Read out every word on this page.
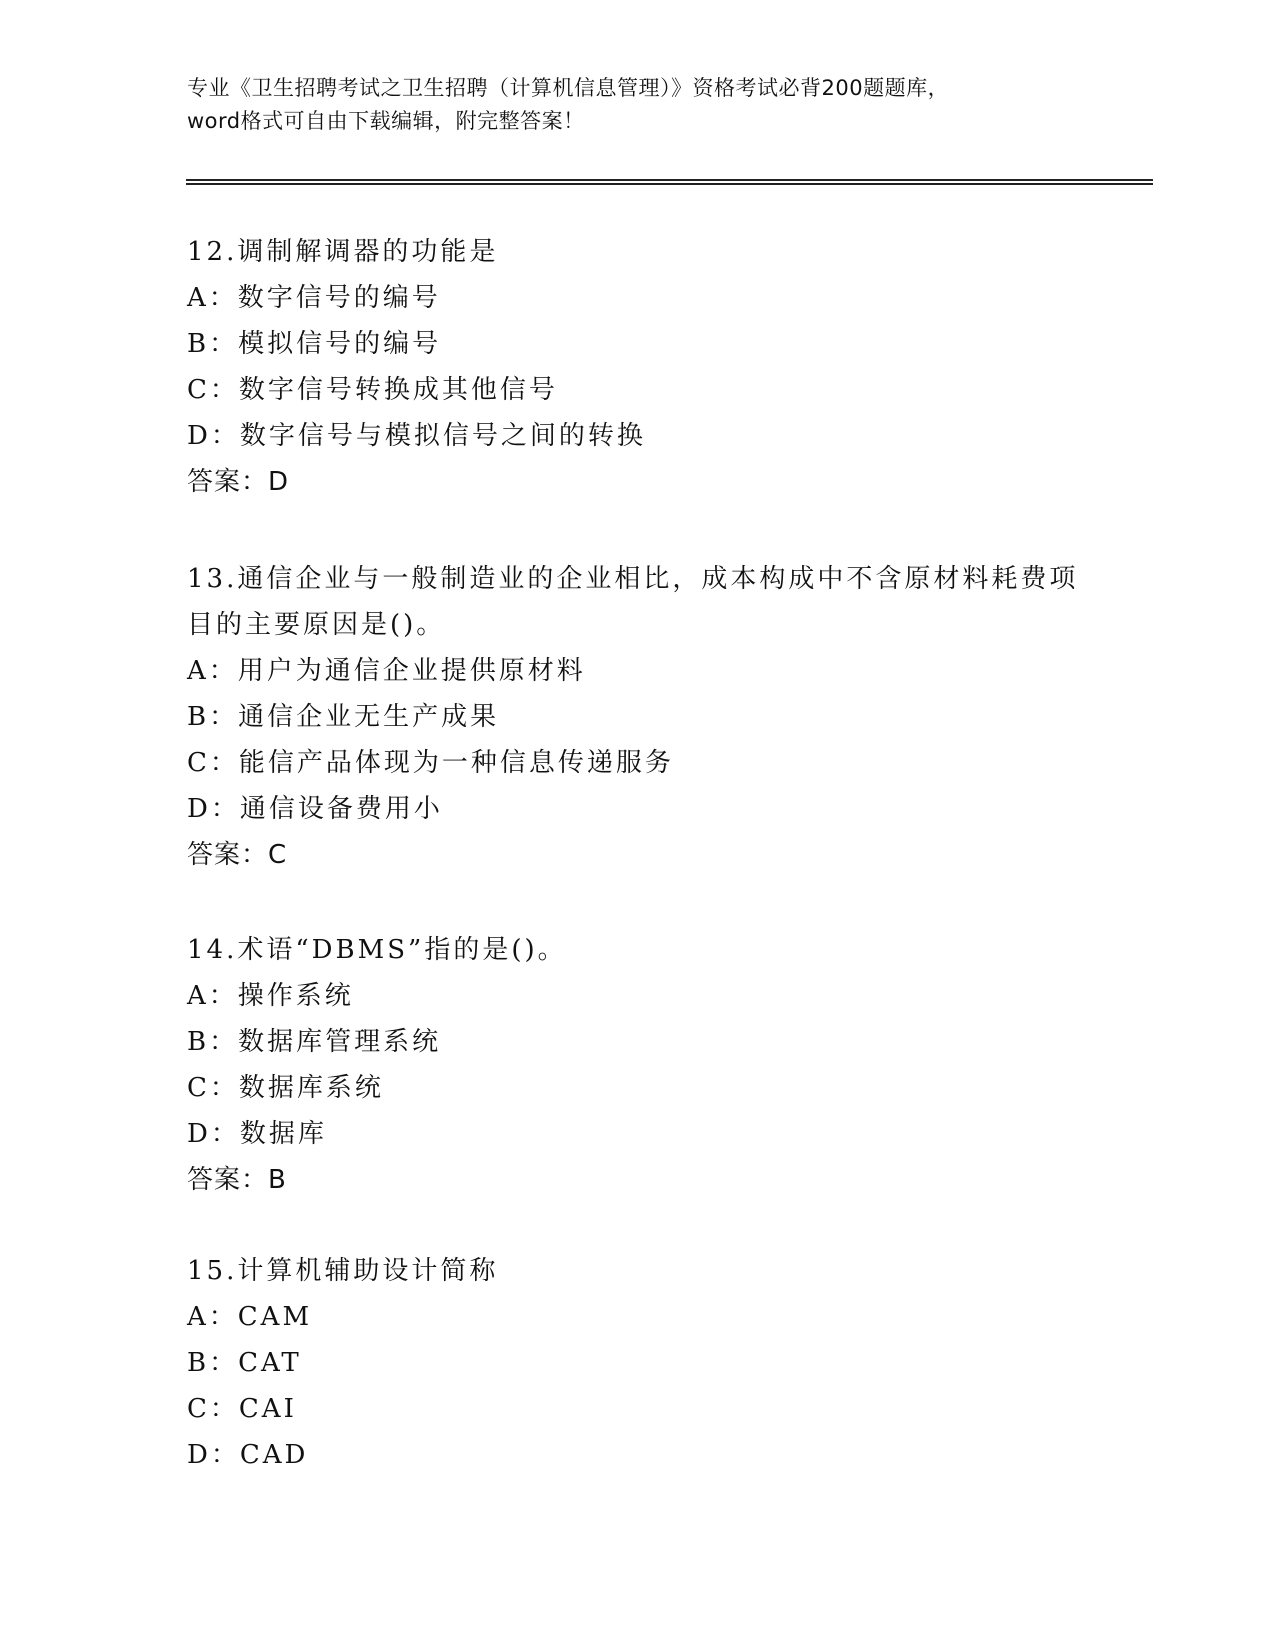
专业《卫生招聘考试之卫生招聘（计算机信息管理）》资格考试必背200题题库，
word格式可自由下载编辑，附完整答案！
12.调制解调器的功能是
A：数字信号的编号
B：模拟信号的编号
C：数字信号转换成其他信号
D：数字信号与模拟信号之间的转换
答案：D
13.通信企业与一般制造业的企业相比，成本构成中不含原材料耗费项
目的主要原因是()。
A：用户为通信企业提供原材料
B：通信企业无生产成果
C：能信产品体现为一种信息传递服务
D：通信设备费用小
答案：C
14.术语“DBMS”指的是()。
A：操作系统
B：数据库管理系统
C：数据库系统
D：数据库
答案：B
15.计算机辅助设计简称
A：CAM
B：CAT
C：CAI
D：CAD
